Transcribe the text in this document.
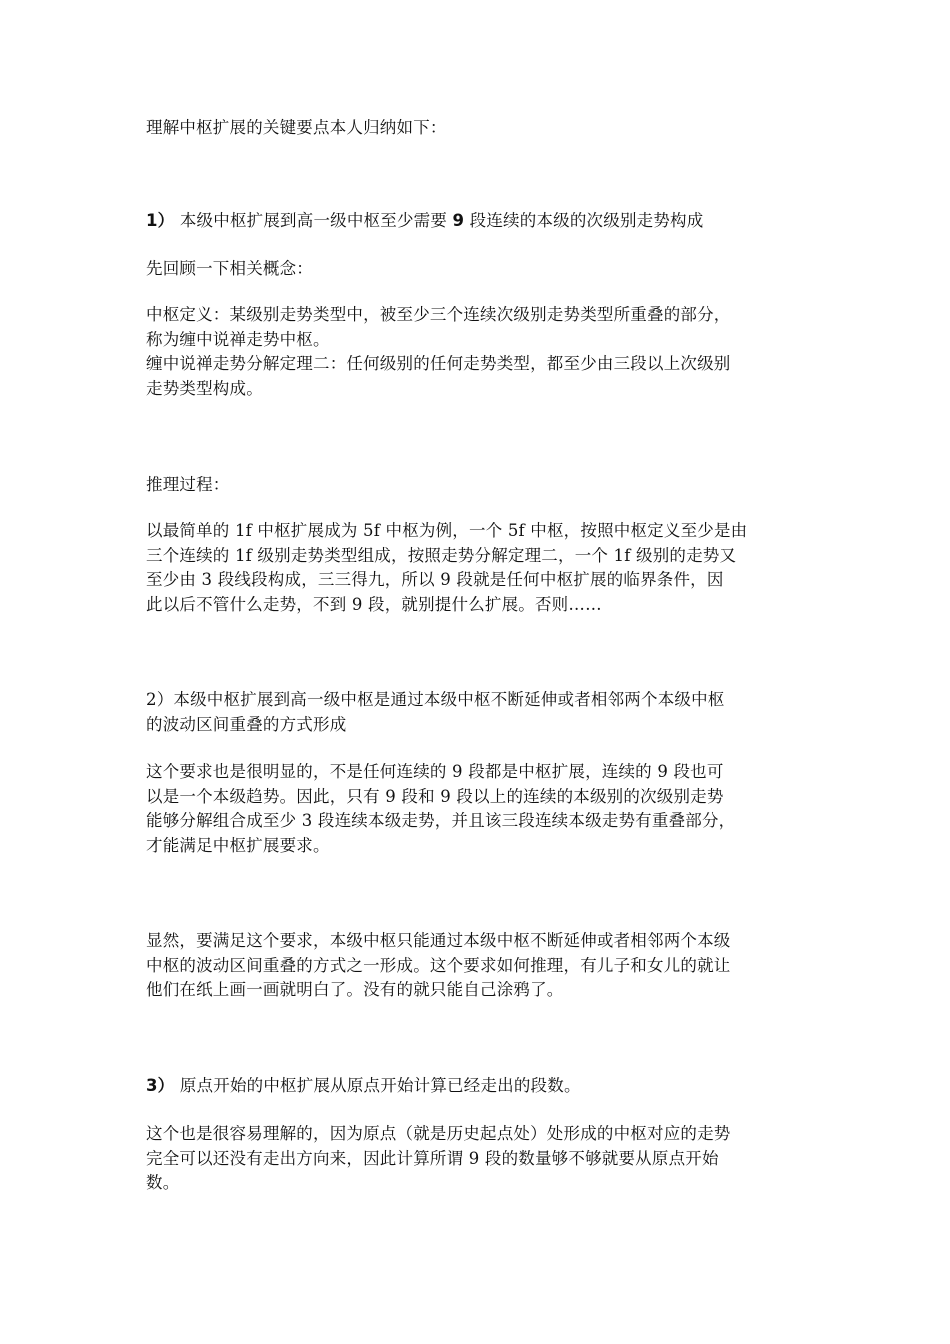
理解中枢扩展的关键要点本人归纳如下：

1） 本级中枢扩展到高一级中枢至少需要 9 段连续的本级的次级别走势构成

先回顾一下相关概念：

中枢定义：某级别走势类型中，被至少三个连续次级别走势类型所重叠的部分，
称为缠中说禅走势中枢。
缠中说禅走势分解定理二：任何级别的任何走势类型，都至少由三段以上次级别
走势类型构成。

推理过程：

以最简单的 1f 中枢扩展成为 5f 中枢为例，一个 5f 中枢，按照中枢定义至少是由
三个连续的 1f 级别走势类型组成，按照走势分解定理二，一个 1f 级别的走势又
至少由 3 段线段构成，三三得九，所以 9 段就是任何中枢扩展的临界条件，因
此以后不管什么走势，不到 9 段，就别提什么扩展。否则……

2）本级中枢扩展到高一级中枢是通过本级中枢不断延伸或者相邻两个本级中枢
的波动区间重叠的方式形成

这个要求也是很明显的，不是任何连续的 9 段都是中枢扩展，连续的 9 段也可
以是一个本级趋势。因此，只有 9 段和 9 段以上的连续的本级别的次级别走势
能够分解组合成至少 3 段连续本级走势，并且该三段连续本级走势有重叠部分，
才能满足中枢扩展要求。

显然，要满足这个要求，本级中枢只能通过本级中枢不断延伸或者相邻两个本级
中枢的波动区间重叠的方式之一形成。这个要求如何推理，有儿子和女儿的就让
他们在纸上画一画就明白了。没有的就只能自己涂鸦了。

3） 原点开始的中枢扩展从原点开始计算已经走出的段数。

这个也是很容易理解的，因为原点（就是历史起点处）处形成的中枢对应的走势
完全可以还没有走出方向来，因此计算所谓 9 段的数量够不够就要从原点开始
数。
